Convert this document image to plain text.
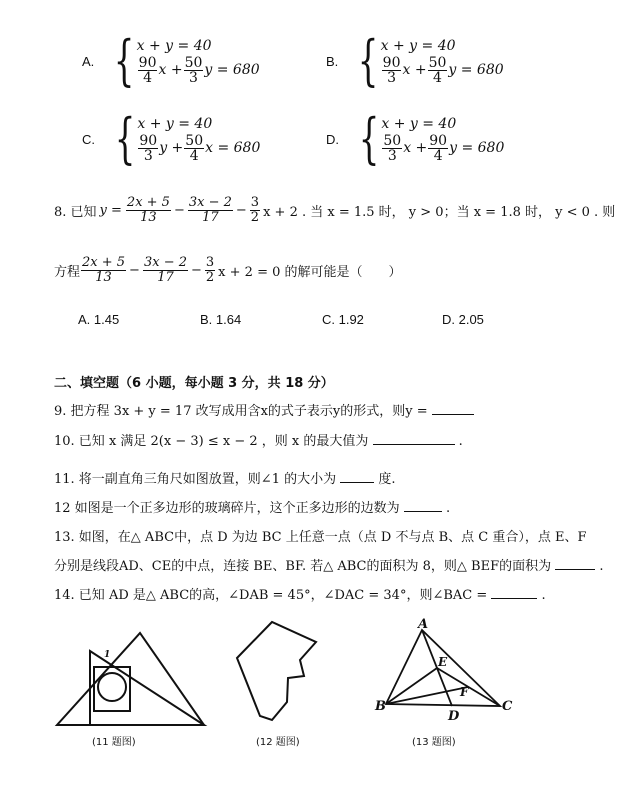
A. { x + y = 40
$\frac{90}{4}$ $x + \frac{50}{3}$ y = 680
B. { x + y = 40
$\frac{90}{3}$ $x + \frac{50}{4}$ y = 680
C. { x + y = 40
$\frac{90}{3}$ $y + \frac{50}{4}$ x = 680
D. { x + y = 40
$\frac{50}{3}$ $x + \frac{90}{4}$ y = 680
8. 已知 $y = \frac{2x + 5}{13} - \frac{3x - 2}{17} - \frac{3}{2}$ x + 2 . 当 x = 1.5 时， y > 0；当 x = 1.8 时， y < 0 . 则
方程 $\frac{2x + 5}{13} - \frac{3x - 2}{17} - \frac{3}{2}$ x + 2 = 0 的解可能是（　　）
A. 1.45	B. 1.64	C. 1.92	D. 2.05
二、填空题（6 小题，每小题 3 分，共 18 分）
9. 把方程 3x + y = 17 改写成用含x的式子表示y的形式，则y =
10. 已知 x 满足 2(x − 3) ≤ x − 2 ，则 x 的最大值为	.
11. 将一副直角三角尺如图放置，则∠1 的大小为	度.
12 如图是一个正多边形的玻璃碎片，这个正多边形的边数为	.
13. 如图，在△ ABC中，点 D 为边 BC 上任意一点（点 D 不与点 B、点 C 重合），点 E、F
分别是线段AD、CE的中点，连接 BE、BF. 若△ ABC的面积为 8，则△ BEF的面积为	.
14. 已知 AD 是△ ABC的高，∠DAB = 45°，∠DAC = 34°，则∠BAC =	.
1
(11 题图)	(12 题图)
A
B	C
D
E
F
(13 题图)
